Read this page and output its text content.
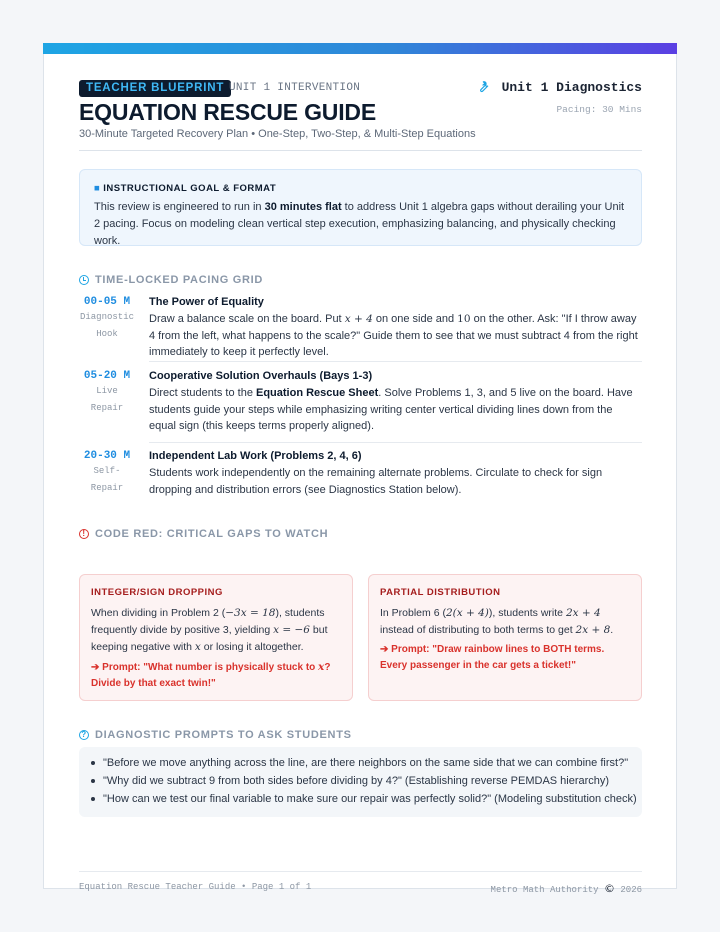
TEACHER BLUEPRINT UNIT 1 INTERVENTION
EQUATION RESCUE GUIDE
30-Minute Targeted Recovery Plan • One-Step, Two-Step, & Multi-Step Equations
Unit 1 Diagnostics
Pacing: 30 Mins
■ INSTRUCTIONAL GOAL & FORMAT

This review is engineered to run in 30 minutes flat to address Unit 1 algebra gaps without derailing your Unit 2 pacing. Focus on modeling clean vertical step execution, emphasizing balancing, and physically checking work.

TIME-LOCKED PACING GRID
00-05 M
Diagnostic
Hook
The Power of Equality

Draw a balance scale on the board. Put x + 4 on one side and 10 on the other. Ask: "If I throw away 4 from the left, what happens to the scale?" Guide them to see that we must subtract 4 from the right immediately to keep it perfectly level.

05-20 M
Live
Repair
Cooperative Solution Overhauls (Bays 1-3)

Direct students to the Equation Rescue Sheet. Solve Problems 1, 3, and 5 live on the board. Have students guide your steps while emphasizing writing center vertical dividing lines down from the equal sign (this keeps terms properly aligned).

20-30 M
Self-
Repair
Independent Lab Work (Problems 2, 4, 6)

Students work independently on the remaining alternate problems. Circulate to check for sign dropping and distribution errors (see Diagnostics Station below).

! CODE RED: CRITICAL GAPS TO WATCH
INTEGER/SIGN DROPPING

When dividing in Problem 2 (−3x = 18), students frequently divide by positive 3, yielding x = −6 but keeping negative with x or losing it altogether.

➔ Prompt: "What number is physically stuck to x? Divide by that exact twin!"
PARTIAL DISTRIBUTION

In Problem 6 (2(x + 4)), students write 2x + 4 instead of distributing to both terms to get 2x + 8.

➔ Prompt: "Draw rainbow lines to BOTH terms. Every passenger in the car gets a ticket!"
? DIAGNOSTIC PROMPTS TO ASK STUDENTS
"Before we move anything across the line, are there neighbors on the same side that we can combine first?"
"Why did we subtract 9 from both sides before dividing by 4?" (Establishing reverse PEMDAS hierarchy)
"How can we test our final variable to make sure our repair was perfectly solid?" (Modeling substitution check)
Equation Rescue Teacher Guide • Page 1 of 1	Metro Math Authority © 2026
